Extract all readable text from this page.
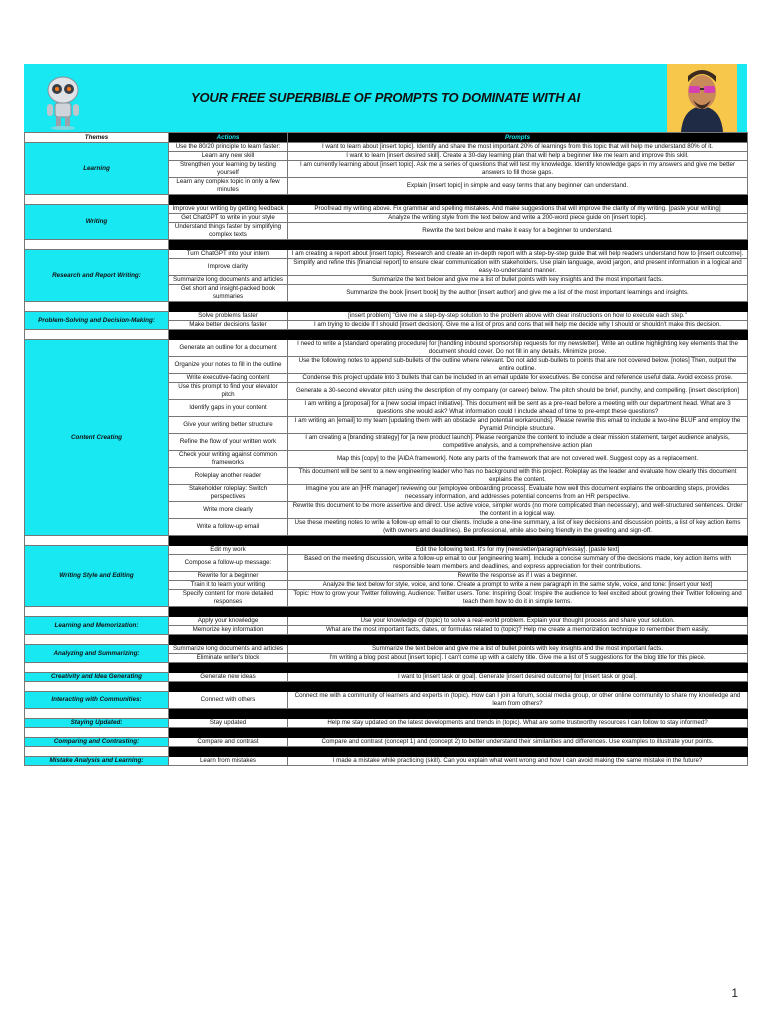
YOUR FREE SUPERBIBLE OF PROMPTS TO DOMINATE WITH AI
Themes	Actions	Prompts
Learning	Use the 80/20 principle to learn faster:	I want to learn about [insert topic]. Identify and share the most important 20% of learnings from this topic that will help me understand 80% of it.
	Learn any new skill	I want to learn [insert desired skill]. Create a 30-day learning plan that will help a beginner like me learn and improve this skill.
	Strengthen your learning by testing yourself	I am currently learning about [insert topic]. Ask me a series of questions that will test my knowledge. Identify knowledge gaps in my answers and give me better answers to fill those gaps.
	Learn any complex topic in only a few minutes	Explain [insert topic] in simple and easy terms that any beginner can understand.

Writing	Improve your writing by getting feedback	Proofread my writing above. Fix grammar and spelling mistakes. And make suggestions that will improve the clarity of my writing. [paste your writing]
	Get ChatGPT to write in your style	Analyze the writing style from the text below and write a 200-word piece guide on [insert topic].
	Understand things faster by simplifying complex texts	Rewrite the text below and make it easy for a beginner to understand.

Research and Report Writing:	Turn ChatGPT into your intern	I am creating a report about [insert topic]. Research and create an in-depth report with a step-by-step guide that will help readers understand how to [insert outcome].
	Improve clarity	Simplify and refine this [financial report] to ensure clear communication with stakeholders. Use plain language, avoid jargon, and present information in a logical and easy-to-understand manner.
	Summarize long documents and articles	Summarize the text below and give me a list of bullet points with key insights and the most important facts.
	Get short and insight-packed book summaries	Summarize the book [insert book] by the author [insert author] and give me a list of the most important learnings and insights.

Problem-Solving and Decision-Making:	Solve problems faster	[insert problem] "Give me a step-by-step solution to the problem above with clear instructions on how to execute each step."
	Make better decisions faster	I am trying to decide if I should [insert decision]. Give me a list of pros and cons that will help me decide why I should or shouldn't make this decision.

Content Creating	Generate an outline for a document	I need to write a [standard operating procedure] for [handling inbound sponsorship requests for my newsletter]. Write an outline highlighting key elements that the document should cover. Do not fill in any details. Minimize prose.
	Organize your notes to fill in the outline	Use the following notes to append sub-bullets of the outline where relevant. Do not add sub-bullets to points that are not covered below. [notes] Then, output the entire outline.
	Write executive-facing content	Condense this project update into 3 bullets that can be included in an email update for executives. Be concise and reference useful data. Avoid excess prose.
	Use this prompt to find your elevator pitch	Generate a 30-second elevator pitch using the description of my company (or career) below. The pitch should be brief, punchy, and compelling. [insert description]
	Identify gaps in your content	I am writing a [proposal] for a [new social impact initiative]. This document will be sent as a pre-read before a meeting with our department head. What are 3 questions she would ask? What information could I include ahead of time to pre-empt these questions?
	Give your writing better structure	I am writing an [email] to my team [updating them with an obstacle and potential workarounds]. Please rewrite this email to include a two-line BLUF and employ the Pyramid Principle structure.
	Refine the flow of your written work	I am creating a [branding strategy] for [a new product launch]. Please reorganize the content to include a clear mission statement, target audience analysis, competitive analysis, and a comprehensive action plan
	Check your writing against common frameworks	Map this [copy] to the [AIDA framework]. Note any parts of the framework that are not covered well. Suggest copy as a replacement.
	Roleplay another reader	This document will be sent to a new engineering leader who has no background with this project. Roleplay as the leader and evaluate how clearly this document explains the content.
	Stakeholder roleplay: Switch perspectives	Imagine you are an [HR manager] reviewing our [employee onboarding process]. Evaluate how well this document explains the onboarding steps, provides necessary information, and addresses potential concerns from an HR perspective.
	Write more clearly	Rewrite this document to be more assertive and direct. Use active voice, simpler words (no more complicated than necessary), and well-structured sentences. Order the content in a logical way.
	Write a follow-up email	Use these meeting notes to write a follow-up email to our clients. Include a one-line summary, a list of key decisions and discussion points, a list of key action items (with owners and deadlines). Be professional, while also being friendly in the greeting and sign-off.

Writing Style and Editing	Edit my work	Edit the following text. It's for my [newsletter/paragraph/essay]. [paste text]
	Compose a follow-up message:	Based on the meeting discussion, write a follow-up email to our [engineering team]. Include a concise summary of the decisions made, key action items with responsible team members and deadlines, and express appreciation for their contributions.
	Rewrite for a beginner	Rewrite the response as if I was a beginner.
	Train it to learn your writing	Analyze the text below for style, voice, and tone. Create a prompt to write a new paragraph in the same style, voice, and tone: [insert your text]
	Specify content for more detailed responses	Topic: How to grow your Twitter following. Audience: Twitter users. Tone: Inspiring Goal: Inspire the audience to feel excited about growing their Twitter following and teach them how to do it in simple terms.

Learning and Memorization:	Apply your knowledge	Use your knowledge of (topic) to solve a real-world problem. Explain your thought process and share your solution.
	Memorize key information	What are the most important facts, dates, or formulas related to (topic)? Help me create a memorization technique to remember them easily.

Analyzing and Summarizing:	Summarize long documents and articles	Summarize the text below and give me a list of bullet points with key insights and the most important facts.
	Eliminate writer's block	I'm writing a blog post about [insert topic]. I can't come up with a catchy title. Give me a list of 5 suggestions for the blog title for this piece.

Creativity and Idea Generating	Generate new ideas	I want to [insert task or goal]. Generate [insert desired outcome] for [insert task or goal].

Interacting with Communities:	Connect with others	Connect me with a community of learners and experts in (topic). How can I join a forum, social media group, or other online community to share my knowledge and learn from others?

Staying Updated:	Stay updated	Help me stay updated on the latest developments and trends in (topic). What are some trustworthy resources I can follow to stay informed?

Comparing and Contrasting:	Compare and contrast	Compare and contrast (concept 1) and (concept 2) to better understand their similarities and differences. Use examples to illustrate your points.

Mistake Analysis and Learning:	Learn from mistakes	I made a mistake while practicing (skill). Can you explain what went wrong and how I can avoid making the same mistake in the future?
1
